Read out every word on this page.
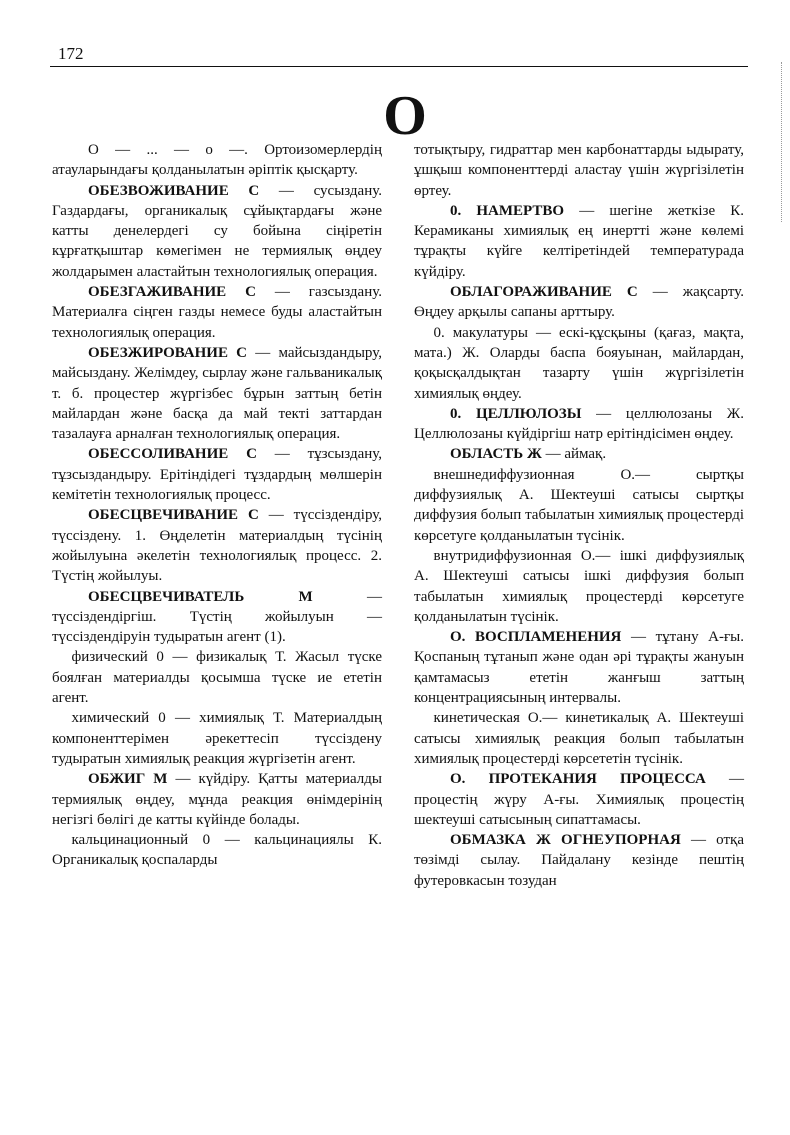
172
O

О — ... — о —. Ортоизомерлердің атауларындағы қолданылатын әріптік қысқарту.

ОБЕЗВОЖИВАНИЕ С — сусыздану. Газдардағы, органикалық сұйықтардағы және катты денелердегі су бойына сіңіретін кұрғатқыштар көмегімен не термиялық өңдеу жолдарымен аластайтын технологиялық операция.

ОБЕЗГАЖИВАНИЕ С — газсыздану. Материалға сіңген газды немесе буды аластайтын технологиялық операция.

ОБЕЗЖИРОВАНИЕ С — майсыздандыру, майсыздану. Желімдеу, сырлау және гальваникалық т. б. процестер жүргізбес бұрын заттың бетін майлардан және басқа да май текті заттардан тазалауға арналған технологиялық операция.

ОБЕССОЛИВАНИЕ С — тұзсыздану, тұзсыздандыру. Ерітіндідегі тұздардың мөлшерін кемітетін технологиялық процесс.

ОБЕСЦВЕЧИВАНИЕ С — түссіздендіру, түссіздену. 1. Өңделетін материалдың түсінің жойылуына әкелетін технологиялық процесс. 2. Түстің жойылуы.

ОБЕСЦВЕЧИВАТЕЛЬ М — түссіздендіргіш. Түстің жойылуын — түссіздендіруін тудыратын агент (1).

физический 0 — физикалық Т. Жасыл түске боялған материалды қосымша түске ие ететін агент.

химический 0 — химиялық Т. Материалдың компоненттерімен әрекеттесіп түссіздену тудыратын химиялық реакция жүргізетін агент.

ОБЖИГ М — күйдіру. Қатты материалды термиялық өңдеу, мұнда реакция өнімдерінің негізгі бөлігі де катты күйінде болады.

кальцинационный 0 — кальцинациялы К. Органикалық қоспаларды

тотықтыру, гидраттар мен карбонаттарды ыдырату, ұшқыш компоненттерді аластау үшін жүргізілетін өртеу.

0. НАМЕРТВО — шегіне жеткізе К. Керамиканы химиялық ең инертті және көлемі тұрақты күйге келтіретіндей температурада күйдіру.

ОБЛАГОРАЖИВАНИЕ С — жақсарту. Өңдеу арқылы сапаны арттыру.

0. макулатуры — ескі-құсқыны (қағаз, мақта, мата.) Ж. Оларды баспа бояуынан, майлардан, қоқысқалдықтан тазарту үшін жүргізілетін химиялық өңдеу.

0. ЦЕЛЛЮЛОЗЫ — целлюлозаны Ж. Целлюлозаны күйдіргіш натр ерітіндісімен өңдеу.

ОБЛАСТЬ Ж — аймақ.

внешнедиффузионная О.— сыртқы диффузиялық А. Шектеуші сатысы сыртқы диффузия болып табылатын химиялық процестерді көрсетуге қолданылатын түсінік.

внутридиффузионная О.— ішкі диффузиялық А. Шектеуші сатысы ішкі диффузия болып табылатын химиялық процестерді көрсетуге қолданылатын түсінік.

О. ВОСПЛАМЕНЕНИЯ — тұтану А-ғы. Қоспаның тұтанып және одан әрі тұрақты жануын қамтамасыз ететін жанғыш заттың концентрациясының интервалы.

кинетическая О.— кинетикалық А. Шектеуші сатысы химиялық реакция болып табылатын химиялық процестерді көрсететін түсінік.

О. ПРОТЕКАНИЯ ПРОЦЕССА — процестің жүру А-ғы. Химиялық процестің шектеуші сатысының сипаттамасы.

ОБМАЗКА Ж ОГНЕУПОРНАЯ — отқа төзімді сылау. Пайдалану кезінде пештің футеровкасын тозудан
